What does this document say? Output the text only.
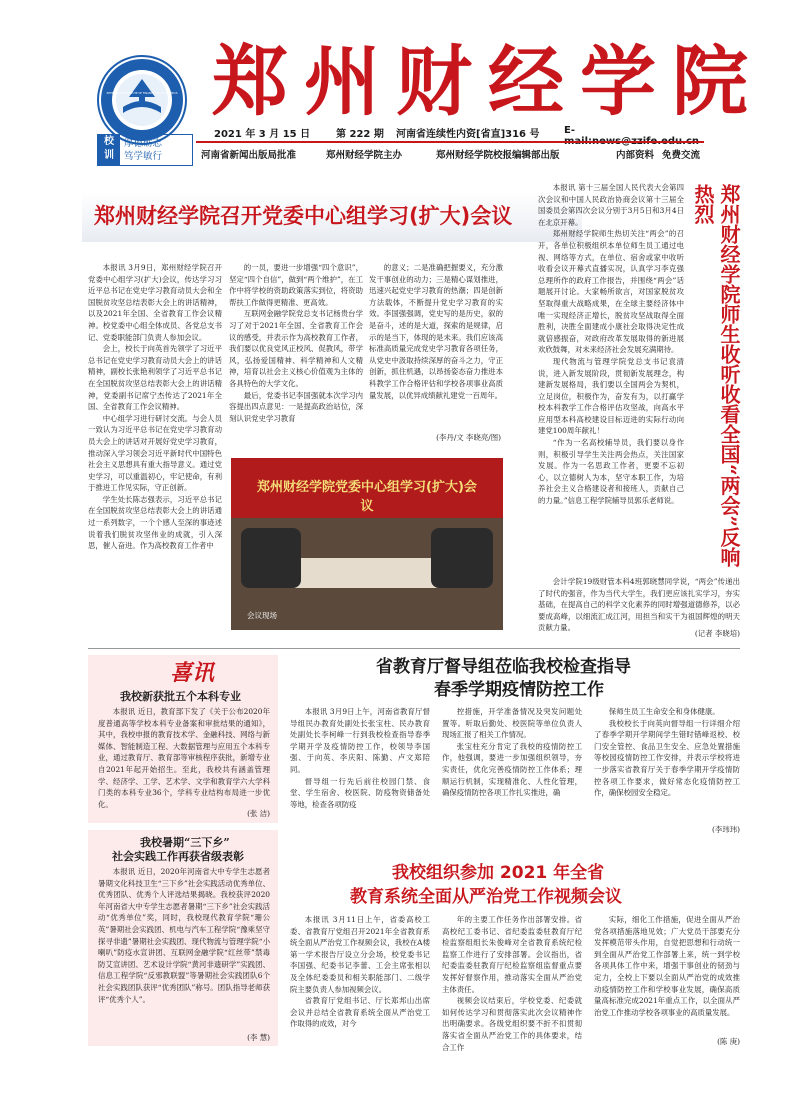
校
训
厚德砺志
笃学敏行
郑州财经学院
2021 年 3 月 15 日	第 222 期 河南省连续性内资[省直]316 号 E-
河南省新闻出版局批准	郑州财经学院主办	郑州财经学院校报编辑部出版	内部资料 免费交流
郑州财经学院召开党委中心组学习(扩大)会议

本报讯 3月9日，郑州财经学院召开党委中心组学习(扩大)会议，传达学习习近平总书记在党史学习教育动员大会和全国脱贫攻坚总结表彰大会上的讲话精神，以及2021年全国、全省教育工作会议精神。校党委中心组全体成员、各党总支书记、党委职能部门负责人参加会议。

会上，校长于向英首先领学了习近平总书记在党史学习教育动员大会上的讲话精神，副校长张艳利领学了习近平总书记在全国脱贫攻坚总结表彰大会上的讲话精神，党委副书记席宁杰传达了2021年全国、全省教育工作会议精神。

中心组学习进行研讨交流。与会人员一致认为习近平总书记在党史学习教育动员大会上的讲话对开展好党史学习教育，推动深入学习领会习近平新时代中国特色社会主义思想具有重大指导意义。通过党史学习，可以重温初心，牢记使命，有利于推进工作见实际，守正创新。

学生处长陈志强表示，习近平总书记在全国脱贫攻坚总结表彰大会上的讲话通过一系列数字，一个个感人至深的事迹述说着我们脱贫攻坚伟业的成就，引入深思，催人奋进。作为高校教育工作者中

的一员，要进一步增强“四个意识”，坚定“四个自信”，做到“两个维护”，在工作中将学校的资助政策落实到位，将资助帮扶工作做得更精准、更高效。

互联网金融学院党总支书记杨贵台学习了对于2021年全国、全省教育工作会议的感受，并表示作为高校教育工作者，我们要以优良党风正校风、促教风，带学风，弘扬爱国精神、科学精神和人文精神，培育以社会主义核心价值观为主体的各具特色的大学文化。

最后，党委书记李国强就本次学习内容提出四点意见：一是提高政治站位，深刻认识党史学习教育

的意义；二是准确把握要义，充分激发干事创业的动力；三是精心谋划推进，迅速兴起党史学习教育的热潮；四是创新方法载体，不断提升党史学习教育的实效。李国强强调，党史写的是历史，叙的是奋斗，述的是大道，探索的是规律，启示的是当下，体现的是未来。我们应该高标准高质量完成党史学习教育各项任务，从党史中汲取持续深厚的奋斗之力，守正创新，抓住机遇，以昂扬姿态奋力推进本科教学工作合格评估和学校各项事业高质量发展，以优异成绩献礼建党一百周年。

(李丹/文 李晓亮/图)
郑州财经学院党委中心组学习(扩大)会议
会议现场

本报讯 第十三届全国人民代表大会第四次会议和中国人民政治协商会议第十三届全国委员会第四次会议分别于3月5日和3月4日在北京开幕。

郑州财经学院师生热切关注“两会”的召开，各单位积极组织本单位师生员工通过电视、网络等方式，在单位、宿舍或家中收听收看会议开幕式直播实况，认真学习李克强总理所作的政府工作报告，并围绕“两会”话题展开讨论。大家畅所欲言，对国家脱贫攻坚取得重大战略成果，在全球主要经济体中唯一实现经济正增长，脱贫攻坚战取得全面胜利，决胜全面建成小康社会取得决定性成就倍感振奋，对政府改革发展取得的新进展欢欣鼓舞，对未来经济社会发展充满期待。

现代物流与管理学院党总支书记袁清说，进入新发展阶段，贯彻新发展理念，构建新发展格局，我们要以全国两会为契机，立足岗位，积极作为，奋发有为，以打赢学校本科教学工作合格评估攻坚战，向高水平应用型本科高校建设目标迈进的实际行动向建党100周年献礼！

“作为一名高校辅导员，我们要以身作则，积极引导学生关注两会热点，关注国家发展。作为一名思政工作者，更要不忘初心，以立德树人为本，坚守本职工作，为培养社会主义合格建设者和接班人，贡献自己的力量。”信息工程学院辅导员郭乐老师说。

会计学院19级财管本科4班郭晓慧同学说，“两会”传递出了时代的强音，作为当代大学生，我们更应该扎实学习，夯实基础，在提高自己的科学文化素养的同时增强道德修养，以必要成高峰，以细流汇成江河，用担当和实干为祖国辉煌的明天贡献力量。
(记者 李晓培)
郑州财经学院师生收听收看全国“两会”反响热烈
喜讯
我校新获批五个本科专业

本报讯 近日，教育部下发了《关于公布2020年度普通高等学校本科专业备案和审批结果的通知》，其中，我校申报的教育技术学、金融科技、网络与新媒体、智能制造工程、大数据管理与应用五个本科专业，通过教育厅、教育部等审核程序获批，新增专业自2021年起开始招生。至此，我校共有涵盖管理学、经济学、工学、艺术学、文学和教育学六大学科门类的本科专业36个，学科专业结构布局进一步优化。

(张 洁)
省教育厅督导组莅临我校检查指导
春季学期疫情防控工作

本报讯 3月9日上午，河南省教育厅督导组民办教育处副处长张宝柱、民办教育处副处长李柯峰一行到我校检查指导春季学期开学及疫情防控工作，校领导李国强、于向英、李庆阳、陈勤、卢文郑陪同。

督导组一行先后前往校园门禁、食堂、学生宿舍、校医院、防疫物资储备处等地，检查各项防疫

控措施，开学准备情况及突发问题处置等。听取后勤处、校医院等单位负责人现场汇报了相关工作情况。

张宝柱充分肯定了我校的疫情防控工作，他强调，要进一步加强组织领导，夯实责任，优化完善疫情防控工作体系；理顺运行机制，实现精准化、人性化管理，确保疫情防控各项工作扎实推进，确

保师生员工生命安全和身体健康。

我校校长于向英向督导组一行详细介绍了春季学期开学期间学生错时错峰返校、校门安全管控、食品卫生安全、应急处置措施等校园疫情防控工作安排，并表示学校将进一步落实省教育厅关于春季学期开学疫情防控各项工作要求，做好常态化疫情防控工作，确保校园安全稳定。

(李玮玮)
我校暑期“三下乡”
社会实践工作再获省级表彰

本报讯 近日，2020年河南省大中专学生志愿者暑期文化科技卫生“三下乡”社会实践活动优秀单位、优秀团队、优秀个人评选结果揭晓。我校获评2020年河南省大中专学生志愿者暑期“三下乡”社会实践活动“优秀单位”奖，同时，我校现代教育学院“珊公英”暑期社会实践团、机电与汽车工程学院“豫乘坚守探寻非遗”暑期社会实践团、现代物流与管理学院“小喇叭”防疫水宣讲团、互联网金融学院“红丝带”禁毒防艾宣讲团、艺术设计学院“黄河非遗研学”实践团、信息工程学院“反邪教联盟”等暑期社会实践团队6个社会实践团队获评“优秀团队”称号。团队指导老师获评“优秀个人”。

(李 慧)
我校组织参加 2021 年全省
教育系统全面从严治党工作视频会议

本报讯 3月11日上午，省委高校工委、省教育厅党组召开2021年全省教育系统全面从严治党工作视频会议，我校在A楼第一学术报告厅设立分会场，校党委书记李国强、纪委书记李蕾、工会主席张相以及全体纪委委员和相关职能部门、二级学院主要负责人参加视频会议。

省教育厅党组书记、厅长郑邦山出席会议并总结全省教育系统全面从严治党工作取得的成效，对今

年的主要工作任务作出部署安排。省高校纪工委书记、省纪委监委驻教育厅纪检监察组组长朱俊峰对全省教育系统纪检监察工作进行了安排部署。会议指出，省纪委监委驻教育厅纪检监察组监督重点要发挥好督察作用，推动落实全面从严治党主体责任。

视频会议结束后，学校党委、纪委就如何传达学习和贯彻落实此次会议精神作出明确要求。各级党组织要不折不扣贯彻落实省全面从严治党工作的具体要求，结合工作

实际，细化工作措施，促进全面从严治党各项措施落地见效；广大党员干部要充分发挥模范带头作用，自觉把思想和行动统一到全面从严治党工作部署上来，统一到学校各项具体工作中来，增强干事创业的韧劲与定力，全校上下要以全面从严治党的成效推动疫情防控工作和学校事业发展，确保高质量高标准完成2021年重点工作，以全面从严治党工作推动学校各项事业的高质量发展。

(陈 庚)
ZHENGZHOU INSTITUTE OF FINANCE AND ECONOMICS
